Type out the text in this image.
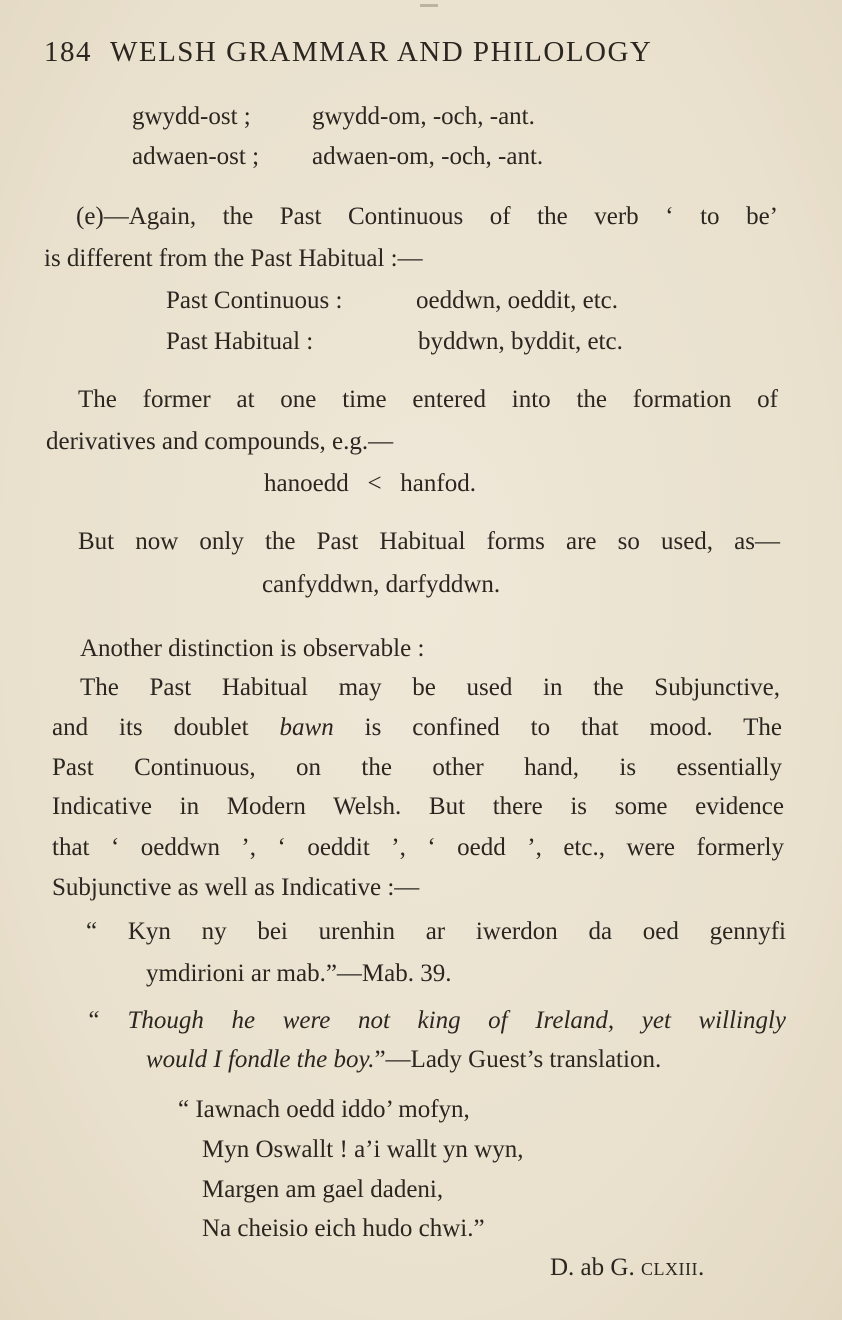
184 WELSH GRAMMAR AND PHILOLOGY
gwydd-ost ; gwydd-om, -och, -ant.
adwaen-ost ; adwaen-om, -och, -ant.
(e)—Again, the Past Continuous of the verb ‘ to be’
is different from the Past Habitual :—
Past Continuous :	oeddwn, oeddit, etc.
Past Habitual :	byddwn, byddit, etc.
The former at one time entered into the formation of
derivatives and compounds, e.g.—
hanoedd   <   hanfod.
But now only the Past Habitual forms are so used, as—
canfyddwn, darfyddwn.
Another distinction is observable :
The Past Habitual may be used in the Subjunctive,
and its doublet bawn is confined to that mood. The
Past Continuous, on the other hand, is essentially
Indicative in Modern Welsh. But there is some evidence
that ‘ oeddwn ’, ‘ oeddit ’, ‘ oedd ’, etc., were formerly
Subjunctive as well as Indicative :—
“ Kyn ny bei urenhin ar iwerdon da oed gennyfi
ymdirioni ar mab.”—Mab. 39.
“ Though he were not king of Ireland, yet willingly
would I fondle the boy.”—Lady Guest’s translation.
“ Iawnach oedd iddo’ mofyn,
Myn Oswallt ! a’i wallt yn wyn,
Margen am gael dadeni,
Na cheisio eich hudo chwi.”
D. ab G. clxiii.
